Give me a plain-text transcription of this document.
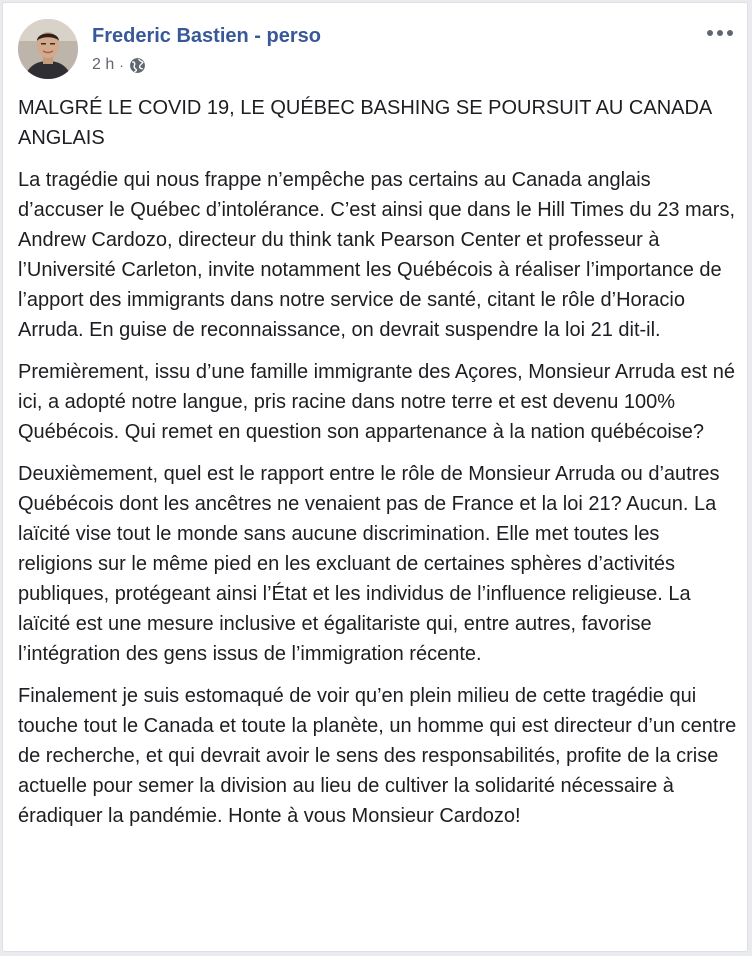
Frederic Bastien - perso
2 h ·

MALGRÉ LE COVID 19, LE QUÉBEC BASHING SE POURSUIT AU CANADA ANGLAIS

La tragédie qui nous frappe n’empêche pas certains au Canada anglais d’accuser le Québec d’intolérance. C’est ainsi que dans le Hill Times du 23 mars, Andrew Cardozo, directeur du think tank Pearson Center et professeur à l’Université Carleton, invite notamment les Québécois à réaliser l’importance de l’apport des immigrants dans notre service de santé, citant le rôle d’Horacio Arruda. En guise de reconnaissance, on devrait suspendre la loi 21 dit-il.

Premièrement, issu d’une famille immigrante des Açores, Monsieur Arruda est né ici, a adopté notre langue, pris racine dans notre terre et est devenu 100% Québécois. Qui remet en question son appartenance à la nation québécoise?

Deuxièmement, quel est le rapport entre le rôle de Monsieur Arruda ou d’autres Québécois dont les ancêtres ne venaient pas de France et la loi 21? Aucun. La laïcité vise tout le monde sans aucune discrimination. Elle met toutes les religions sur le même pied en les excluant de certaines sphères d’activités publiques, protégeant ainsi l’État et les individus de l’influence religieuse. La laïcité est une mesure inclusive et égalitariste qui, entre autres, favorise l’intégration des gens issus de l’immigration récente.

Finalement je suis estomaqué de voir qu’en plein milieu de cette tragédie qui touche tout le Canada et toute la planète, un homme qui est directeur d’un centre de recherche, et qui devrait avoir le sens des responsabilités, profite de la crise actuelle pour semer la division au lieu de cultiver la solidarité nécessaire à éradiquer la pandémie. Honte à vous Monsieur Cardozo!
